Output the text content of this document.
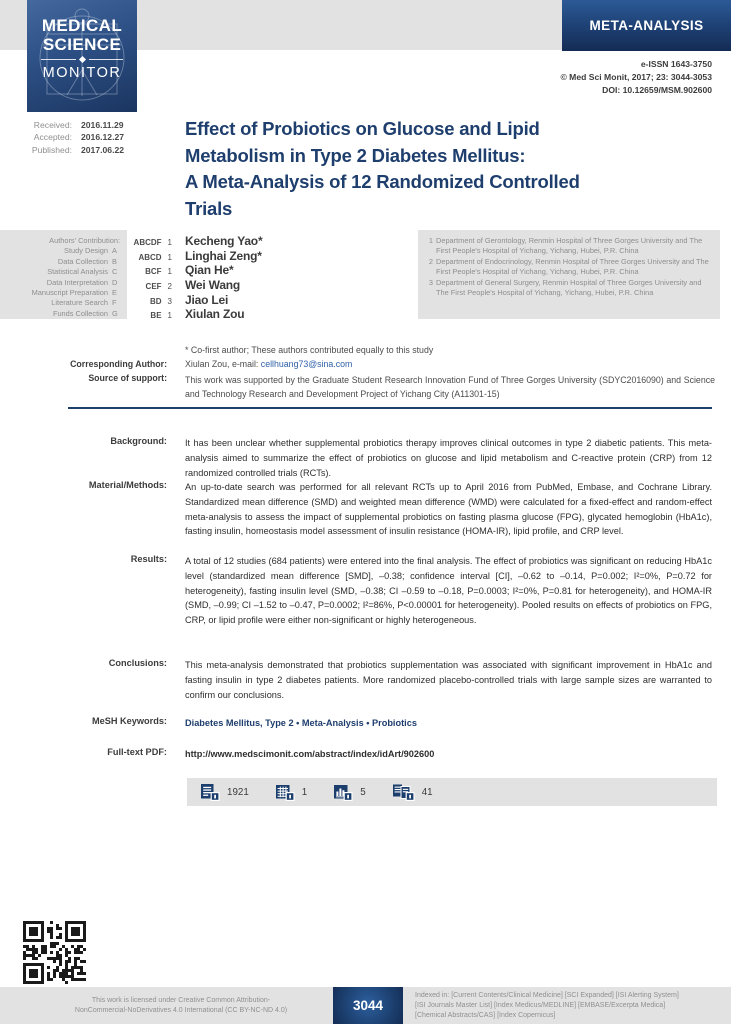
MEDICAL
SCIENCE
MONITOR
META-ANALYSIS
e-ISSN 1643-3750
© Med Sci Monit, 2017; 23: 3044-3053
DOI: 10.12659/MSM.902600
Received: 2016.11.29
Accepted: 2016.12.27
Published: 2017.06.22
Effect of Probiotics on Glucose and Lipid
Metabolism in Type 2 Diabetes Mellitus:
A Meta-Analysis of 12 Randomized Controlled
Trials
Authors' Contribution:
Study Design A
Data Collection B
Statistical Analysis C
Data Interpretation D
Manuscript Preparation E
Literature Search F
Funds Collection G
ABCDF 1 Kecheng Yao*
ABCD 1 Linghai Zeng*
BCF 1 Qian He*
CEF 2 Wei Wang
BD 3 Jiao Lei
BE 1 Xiulan Zou
1 Department of Gerontology, Renmin Hospital of Three Gorges University and The First People's Hospital of Yichang, Yichang, Hubei, P.R. China
2 Department of Endocrinology, Renmin Hospital of Three Gorges University and The First People's Hospital of Yichang, Yichang, Hubei, P.R. China
3 Department of General Surgery, Renmin Hospital of Three Gorges University and The First People's Hospital of Yichang, Yichang, Hubei, P.R. China
* Co-first author; These authors contributed equally to this study
Corresponding Author: Xiulan Zou, e-mail: cellhuang73@sina.com
Source of support: This work was supported by the Graduate Student Research Innovation Fund of Three Gorges University (SDYC2016090) and Science and Technology Research and Development Project of Yichang City (A11301-15)
Background: It has been unclear whether supplemental probiotics therapy improves clinical outcomes in type 2 diabetic patients. This meta-analysis aimed to summarize the effect of probiotics on glucose and lipid metabolism and C-reactive protein (CRP) from 12 randomized controlled trials (RCTs).
Material/Methods: An up-to-date search was performed for all relevant RCTs up to April 2016 from PubMed, Embase, and Cochrane Library. Standardized mean difference (SMD) and weighted mean difference (WMD) were calculated for a fixed-effect and random-effect meta-analysis to assess the impact of supplemental probiotics on fasting plasma glucose (FPG), glycated hemoglobin (HbA1c), fasting insulin, homeostasis model assessment of insulin resistance (HOMA-IR), lipid profile, and CRP level.
Results: A total of 12 studies (684 patients) were entered into the final analysis. The effect of probiotics was significant on reducing HbA1c level (standardized mean difference [SMD], –0.38; confidence interval [CI], –0.62 to –0.14, P=0.002; I²=0%, P=0.72 for heterogeneity), fasting insulin level (SMD, –0.38; CI –0.59 to –0.18, P=0.0003; I²=0%, P=0.81 for heterogeneity), and HOMA-IR (SMD, –0.99; CI –1.52 to –0.47, P=0.0002; I²=86%, P<0.00001 for heterogeneity). Pooled results on effects of probiotics on FPG, CRP, or lipid profile were either non-significant or highly heterogeneous.
Conclusions: This meta-analysis demonstrated that probiotics supplementation was associated with significant improvement in HbA1c and fasting insulin in type 2 diabetes patients. More randomized placebo-controlled trials with large sample sizes are warranted to confirm our conclusions.
MeSH Keywords: Diabetes Mellitus, Type 2 • Meta-Analysis • Probiotics
Full-text PDF: http://www.medscimonit.com/abstract/index/idArt/902600
1921	1	5	41
This work is licensed under Creative Common Attribution-
NonCommercial-NoDerivatives 4.0 International (CC BY-NC-ND 4.0)	3044
Indexed in: [Current Contents/Clinical Medicine] [SCI Expanded] [ISI Alerting System]
[ISI Journals Master List] [Index Medicus/MEDLINE] [EMBASE/Excerpta Medica]
[Chemical Abstracts/CAS] [Index Copernicus]
